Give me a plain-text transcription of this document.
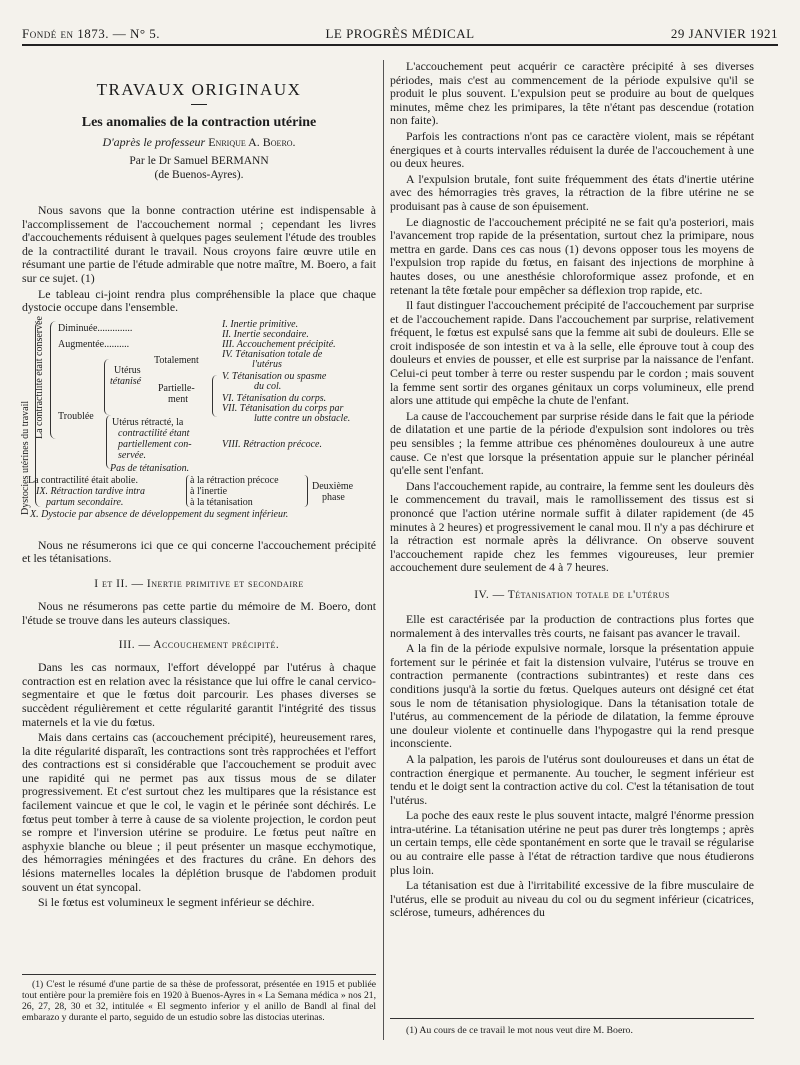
Fondé en 1873. — N° 5.	LE PROGRÈS MÉDICAL	29 JANVIER 1921
TRAVAUX ORIGINAUX
Les anomalies de la contraction utérine
D'après le professeur Enrique A. Boero.
Par le Dr Samuel BERMANN
(de Buenos-Ayres).

Nous savons que la bonne contraction utérine est indispensable à l'accomplissement de l'accouchement normal ; cependant les livres d'accouchements réduisent à quelques pages seulement l'étude des troubles de la contractilité durant le travail. Nous croyons faire œuvre utile en résumant une partie de l'étude admirable que notre maître, M. Boero, a fait sur ce sujet. (1)

Le tableau ci-joint rendra plus compréhensible la place que chaque dystocie occupe dans l'ensemble.

Dystocies utérines du travail
La contractilité était conservée Diminuée..............
Augmentée..........
Totalement
Utérus
tétanisé
Partielle-
ment
Troublée
Utérus rétracté, la
contractilité étant
partiellement con-
servée.
Pas de tétanisation.
I. Inertie primitive.
II. Inertie secondaire.
III. Accouchement précipité.
IV. Tétanisation totale de
l'utérus
V. Tétanisation ou spasme
du col.
VI. Tétanisation du corps.
VII. Tétanisation du corps par
lutte contre un obstacle.
VIII. Rétraction précoce.
La contractilité était abolie.
IX. Rétraction tardive intra
partum secondaire.
à la rétraction précoce
à l'inertie
à la tétanisation
Deuxième
phase
X. Dystocie par absence de développement du segment inférieur.

Nous ne résumerons ici que ce qui concerne l'accouchement précipité et les tétanisations.

I et II. — Inertie primitive et secondaire

Nous ne résumerons pas cette partie du mémoire de M. Boero, dont l'étude se trouve dans les auteurs classiques.

III. — Accouchement précipité.

Dans les cas normaux, l'effort développé par l'utérus à chaque contraction est en relation avec la résistance que lui offre le canal cervico-segmentaire et que le fœtus doit parcourir. Les phases diverses se succèdent régulièrement et cette régularité garantit l'intégrité des tissus maternels et la vie du fœtus.

Mais dans certains cas (accouchement précipité), heureusement rares, la dite régularité disparaît, les contractions sont très rapprochées et l'effort des contractions est si considérable que l'accouchement se produit avec une rapidité qui ne permet pas aux tissus mous de se dilater progressivement. Et c'est surtout chez les multipares que la résistance est facilement vaincue et que le col, le vagin et le périnée sont déchirés. Le fœtus peut tomber à terre à cause de sa violente projection, le cordon peut se rompre et l'inversion utérine se produire. Le fœtus peut naître en asphyxie blanche ou bleue ; il peut présenter un masque ecchymotique, des hémorragies méningées et des fractures du crâne. En dehors des lésions maternelles locales la déplétion brusque de l'abdomen produit souvent un état syncopal.

Si le fœtus est volumineux le segment inférieur se déchire.

(1) C'est le résumé d'une partie de sa thèse de professorat, présentée en 1915 et publiée tout entière pour la première fois en 1920 à Buenos-Ayres in « La Semana médica » nos 21, 26, 27, 28, 30 et 32, intitulée « El segmento inferior y el anillo de Bandl al final del embarazo y durante el parto, seguido de un estudio sobre las distocias uterinas.

L'accouchement peut acquérir ce caractère précipité à ses diverses périodes, mais c'est au commencement de la période expulsive qu'il se produit le plus souvent. L'expulsion peut se produire au bout de quelques minutes, même chez les primipares, la tête n'étant pas descendue (rotation non faite).

Parfois les contractions n'ont pas ce caractère violent, mais se répétant énergiques et à courts intervalles réduisent la durée de l'accouchement à une ou deux heures.

A l'expulsion brutale, font suite fréquemment des états d'inertie utérine avec des hémorragies très graves, la rétraction de la fibre utérine ne se produisant pas à cause de son épuisement.

Le diagnostic de l'accouchement précipité ne se fait qu'a posteriori, mais l'avancement trop rapide de la présentation, surtout chez la primipare, nous mettra en garde. Dans ces cas nous (1) devons opposer tous les moyens de l'expulsion trop rapide du fœtus, en faisant des injections de morphine à hautes doses, ou une anesthésie chloroformique assez profonde, et en retenant la tête fœtale pour empêcher sa déflexion trop rapide, etc.

Il faut distinguer l'accouchement précipité de l'accouchement par surprise et de l'accouchement rapide. Dans l'accouchement par surprise, relativement fréquent, le fœtus est expulsé sans que la femme ait subi de douleurs. Elle se croit indisposée de son intestin et va à la selle, elle éprouve tout à coup des douleurs et envies de pousser, et elle est surprise par la naissance de l'enfant. Celui-ci peut tomber à terre ou rester suspendu par le cordon ; mais souvent la femme sent sortir des organes génitaux un corps volumineux, elle prend alors une attitude qui empêche la chute de l'enfant.

La cause de l'accouchement par surprise réside dans le fait que la période de dilatation et une partie de la période d'expulsion sont indolores ou très peu sensibles ; la femme attribue ces phénomènes douloureux à une autre cause. Ce n'est que lorsque la présentation appuie sur le plancher périnéal qu'elle sent l'enfant.

Dans l'accouchement rapide, au contraire, la femme sent les douleurs dès le commencement du travail, mais le ramollissement des tissus est si prononcé que l'action utérine normale suffit à dilater rapidement (de 45 minutes à 2 heures) et progressivement le canal mou. Il n'y a pas déchirure et la rétraction est normale après la délivrance. On observe souvent l'accouchement rapide chez les femmes vigoureuses, leur premier accouchement dure seulement de 4 à 7 heures.

IV. — Tétanisation totale de l'utérus

Elle est caractérisée par la production de contractions plus fortes que normalement à des intervalles très courts, ne faisant pas avancer le travail.

A la fin de la période expulsive normale, lorsque la présentation appuie fortement sur le périnée et fait la distension vulvaire, l'utérus se trouve en contraction permanente (contractions subintrantes) et reste dans ces conditions jusqu'à la sortie du fœtus. Quelques auteurs ont désigné cet état sous le nom de tétanisation physiologique. Dans la tétanisation totale de l'utérus, au commencement de la période de dilatation, la femme éprouve une douleur violente et continuelle dans l'hypogastre qui la rend presque inconsciente.

A la palpation, les parois de l'utérus sont douloureuses et dans un état de contraction énergique et permanente. Au toucher, le segment inférieur est tendu et le doigt sent la contraction active du col. C'est la tétanisation de tout l'utérus.

La poche des eaux reste le plus souvent intacte, malgré l'énorme pression intra-utérine. La tétanisation utérine ne peut pas durer très longtemps ; après un certain temps, elle cède spontanément en sorte que le travail se régularise ou au contraire elle passe à l'état de rétraction tardive que nous étudierons plus loin.

La tétanisation est due à l'irritabilité excessive de la fibre musculaire de l'utérus, elle se produit au niveau du col ou du segment inférieur (cicatrices, sclérose, tumeurs, adhérences du

(1) Au cours de ce travail le mot nous veut dire M. Boero.
